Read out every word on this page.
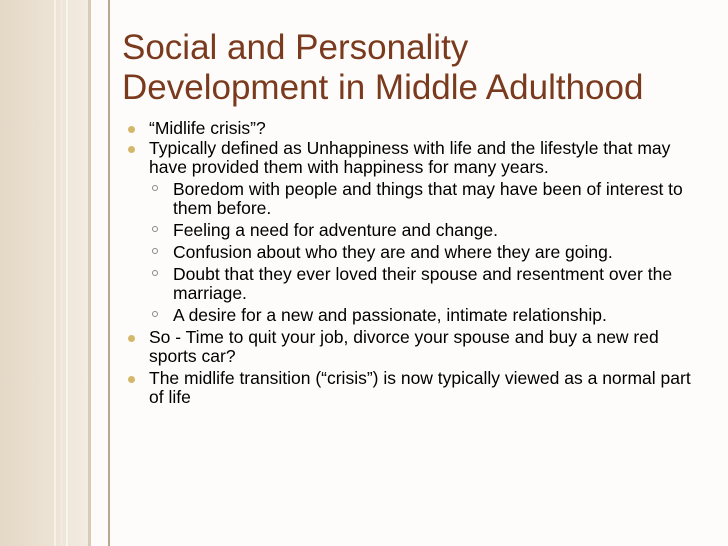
Social and Personality
Development in Middle Adulthood
“Midlife crisis”?
Typically defined as Unhappiness with life and the lifestyle that may have provided them with happiness for many years.
Boredom with people and things that may have been of interest to them before.
Feeling a need for adventure and change.
Confusion about who they are and where they are going.
Doubt that they ever loved their spouse and resentment over the marriage.
A desire for a new and passionate, intimate relationship.
So - Time to quit your job, divorce your spouse and buy a new red sports car?
The midlife transition (“crisis”) is now typically viewed as a normal part of life
